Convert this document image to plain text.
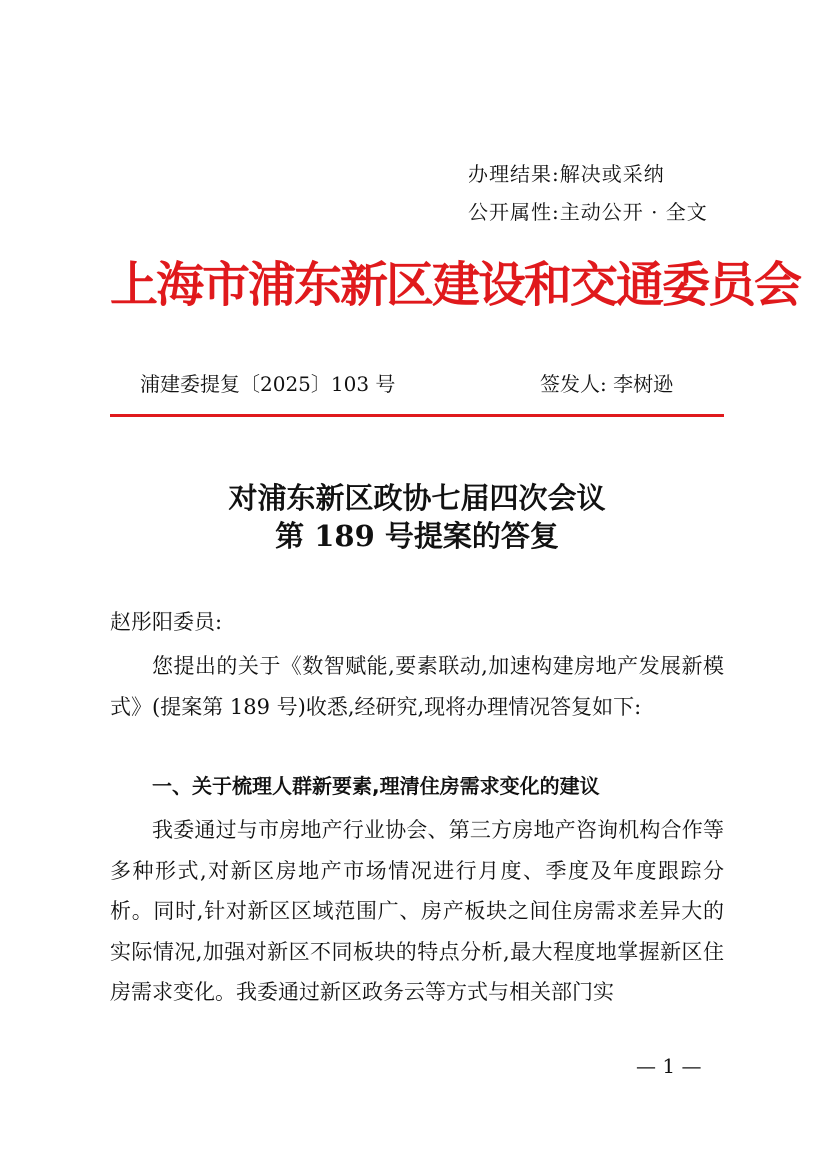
办理结果:解决或采纳
公开属性:主动公开 · 全文
上海市浦东新区建设和交通委员会
浦建委提复〔2025〕103 号	签发人: 李树逊
对浦东新区政协七届四次会议
第 189 号提案的答复
赵彤阳委员:

您提出的关于《数智赋能,要素联动,加速构建房地产发展新模式》(提案第 189 号)收悉,经研究,现将办理情况答复如下:

一、关于梳理人群新要素,理清住房需求变化的建议

我委通过与市房地产行业协会、第三方房地产咨询机构合作等多种形式,对新区房地产市场情况进行月度、季度及年度跟踪分析。同时,针对新区区域范围广、房产板块之间住房需求差异大的实际情况,加强对新区不同板块的特点分析,最大程度地掌握新区住房需求变化。我委通过新区政务云等方式与相关部门实

— 1 —
